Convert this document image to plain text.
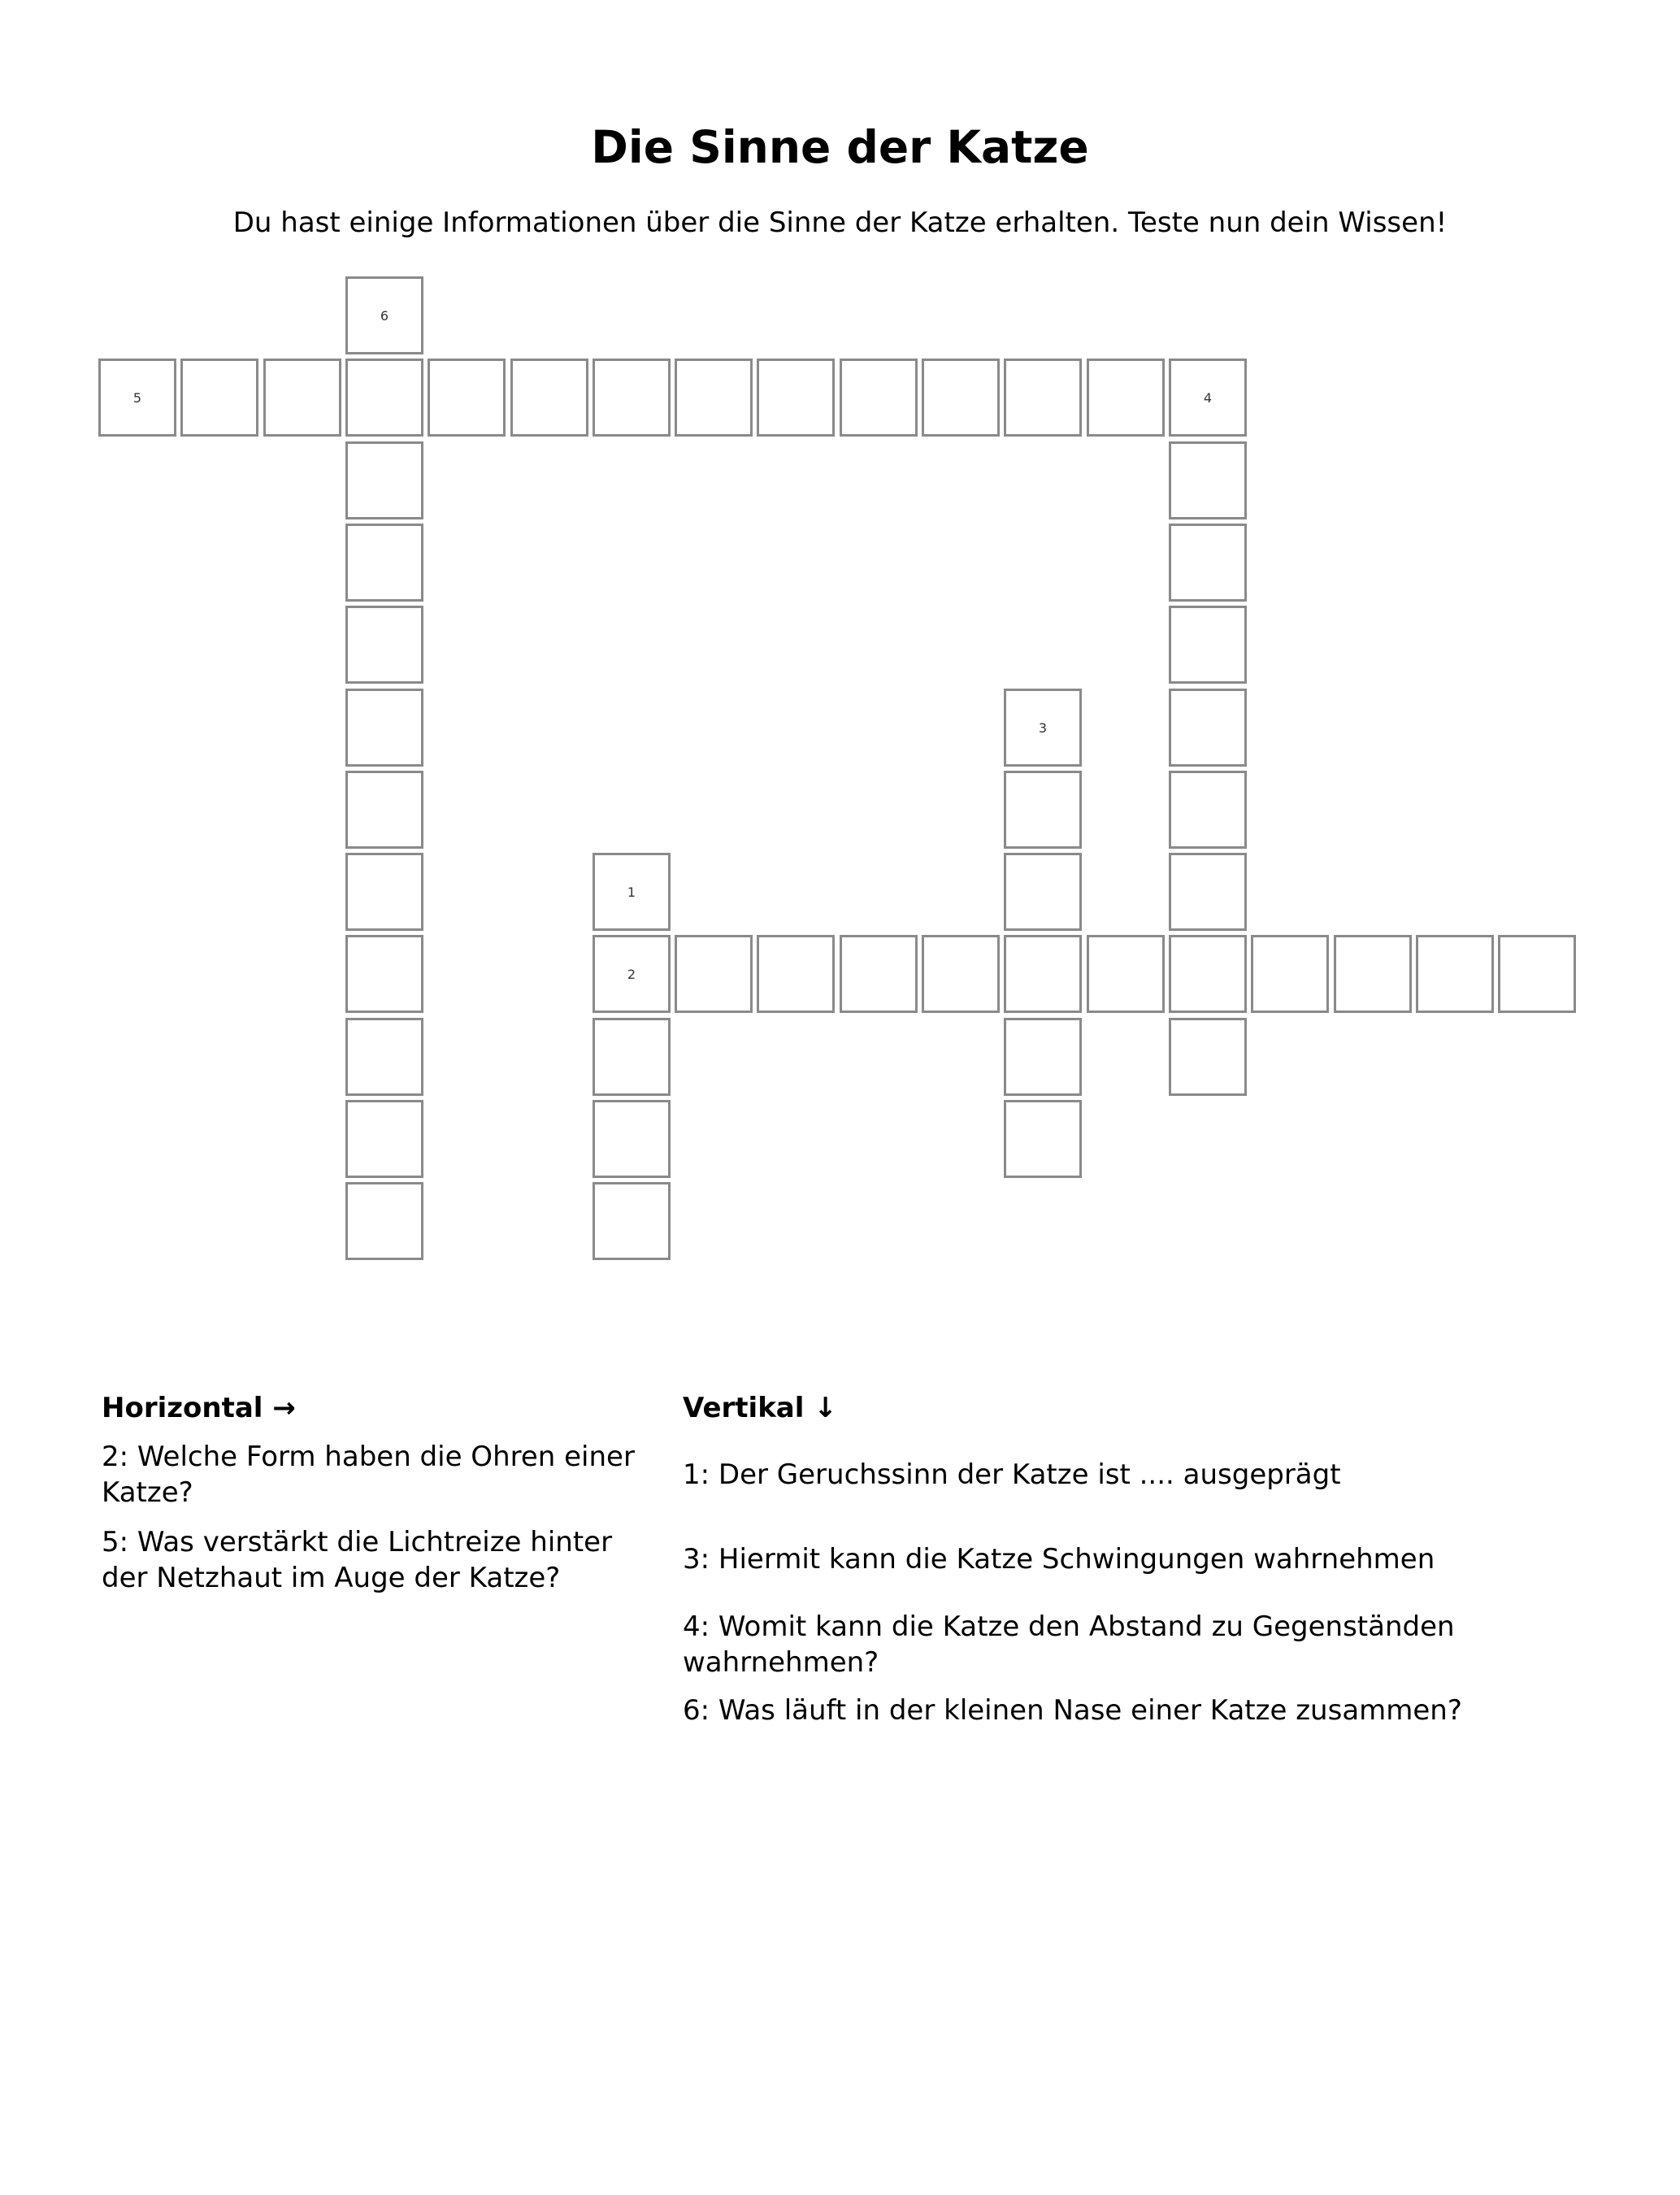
Die Sinne der Katze
Du hast einige Informationen über die Sinne der Katze erhalten. Teste nun dein Wissen!
1
2
3
4
5
6
Horizontal →	Vertikal ↓
2: Welche Form haben die Ohren einer
Katze?
5: Was verstärkt die Lichtreize hinter
der Netzhaut im Auge der Katze?
1: Der Geruchssinn der Katze ist .... ausgeprägt
3: Hiermit kann die Katze Schwingungen wahrnehmen
4: Womit kann die Katze den Abstand zu Gegenständen
wahrnehmen?
6: Was läuft in der kleinen Nase einer Katze zusammen?
